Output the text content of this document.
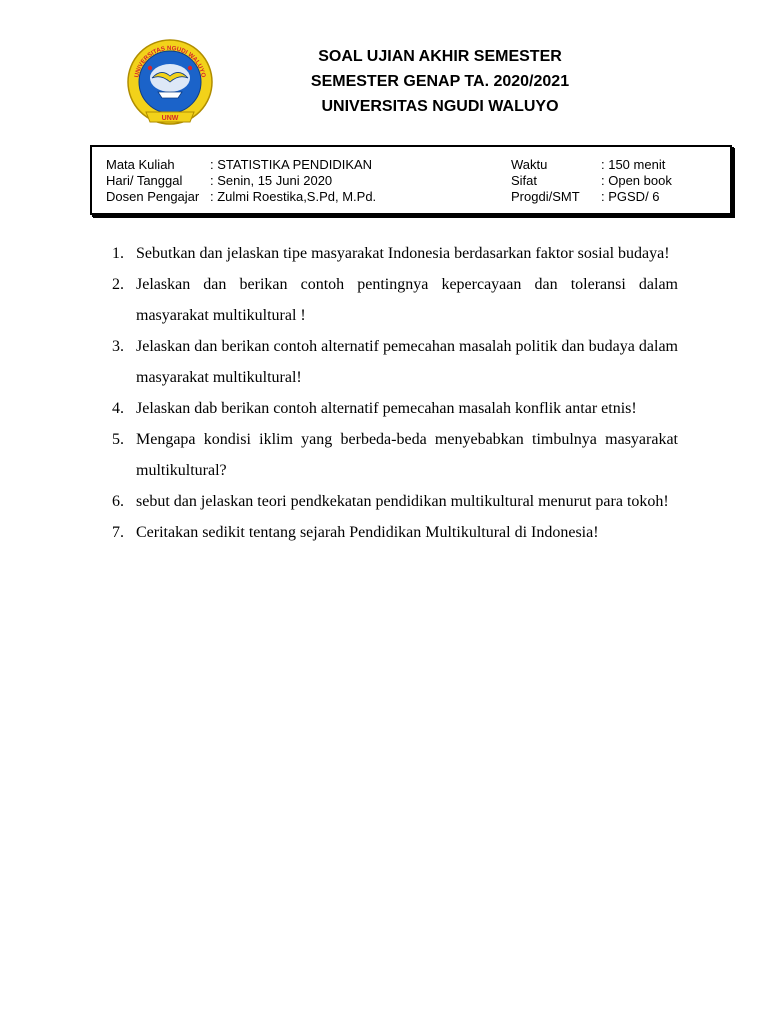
UNIVERSITAS NGUDI WALUYO
UNW
SOAL UJIAN AKHIR SEMESTER
SEMESTER GENAP TA. 2020/2021
UNIVERSITAS NGUDI WALUYO
Mata Kuliah	: STATISTIKA PENDIDIKAN	Waktu	: 150 menit
Hari/ Tanggal : Senin, 15 Juni 2020	Sifat	: Open book
Dosen Pengajar : Zulmi Roestika,S.Pd, M.Pd.	Progdi/SMT : PGSD/ 6
1. Sebutkan dan jelaskan tipe masyarakat Indonesia berdasarkan faktor sosial budaya!
2. Jelaskan dan berikan contoh pentingnya kepercayaan dan toleransi dalam masyarakat multikultural !
3. Jelaskan dan berikan contoh alternatif pemecahan masalah politik dan budaya dalam masyarakat multikultural!
4. Jelaskan dab berikan contoh alternatif pemecahan masalah konflik antar etnis!
5. Mengapa kondisi iklim yang berbeda-beda menyebabkan timbulnya masyarakat multikultural?
6. sebut dan jelaskan teori pendkekatan pendidikan multikultural menurut para tokoh!
7. Ceritakan sedikit tentang sejarah Pendidikan Multikultural di Indonesia!
